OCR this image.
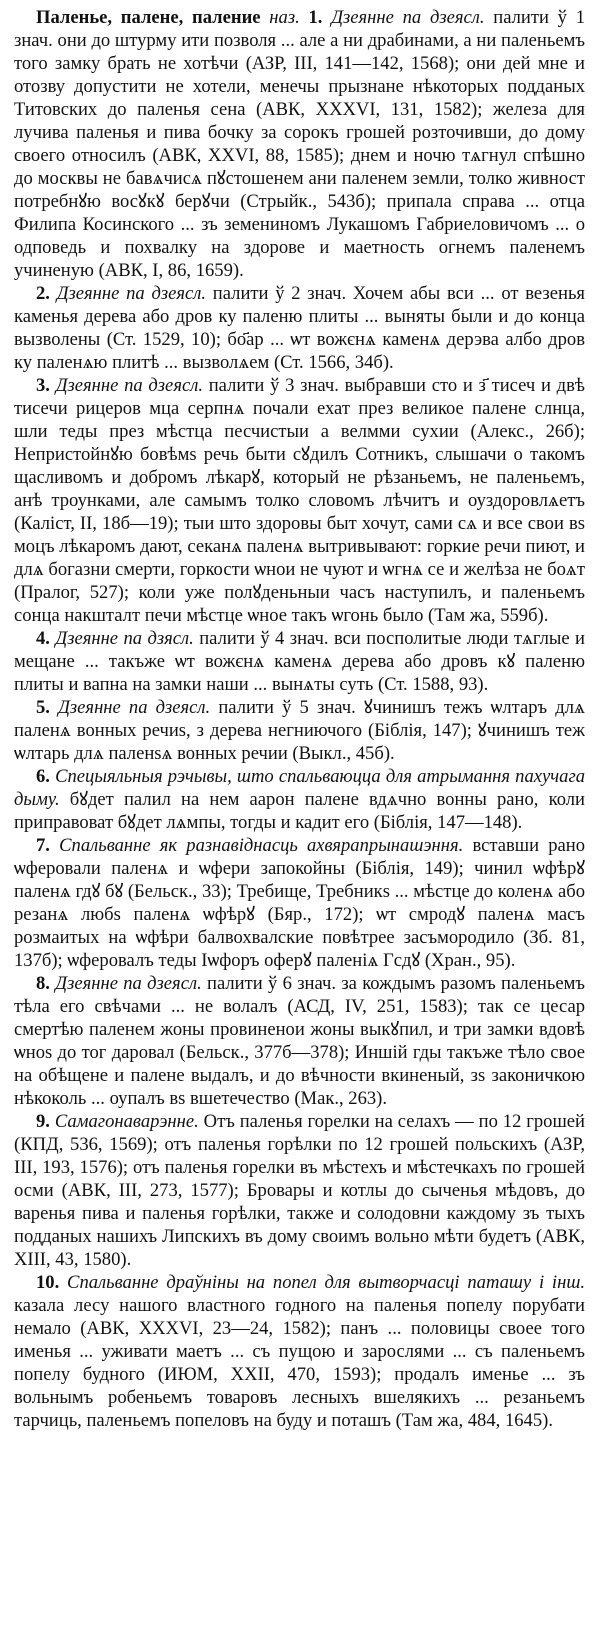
Паленье, палене, палениe наз. 1. Дзеянне па дзеясл. палити ў 1 знач. они до штурму ити позволя ... але а ни драбинами, а ни паленьемъ того замку брать не хотѣчи (АЗР, III, 141—142, 1568); они дей мне и отозву допустити не хотели, менечы прызнане нѣкоторых подданых Титовских до паленья сена (АВК, XXXVI, 131, 1582); железа для лучива паленья и пива бочку за сорокъ грошей розточивши, до дому своего относилъ (АВК, XXVI, 88, 1585); днем и ночю тѧгнул спѣшно до москвы не бавѧчисѧ пꙋстошенем ани паленем земли, толко живност потребнꙋю восꙋкꙋ берꙋчи (Стрыйк., 543б); припала справа ... отца Филипа Косинского ... зъ земениномъ Лукашомъ Габриеловичомъ ... о одповедь и похвалку на здорове и маетность огнемъ паленемъ учиненую (АВК, I, 86, 1659).

2. Дзеянне па дзеясл. палити ў 2 знач. Хочем абы вси ... от везенья каменья дерева або дров ку паленю плиты ... выняты были и до конца вызволены (Ст. 1529, 10); бо҃ар ... ѡт вожєнѧ каменѧ дерэва албо дров ку паленѧю плитѣ ... вызволѧем (Ст. 1566, 34б).

3. Дзеянне па дзеясл. палити ў 3 знач. выбравши сто и з҃ тисеч и двѣ тисечи рицеров мца серпнѧ почали ехат през великое палене слнца, шли теды през мѣстца песчистыи а велмми сухии (Алекс., 26б); Непристойнꙋю бовѣмѕ речь быти сꙋдилъ Сотникъ, слышачи о такомъ щасливомъ и добромъ лѣкарꙋ, который не рѣзаньемъ, не паленьемъ, анѣ троунками, але самымъ толко словомъ лѣчитъ и оуздоровлѧетъ (Каліст, II, 18б—19); тыи што здоровы быт хочут, сами сѧ и все свои вѕ моцъ лѣкаромъ дают, секанѧ паленѧ вытривывают: горкие речи пиют, и длѧ богазни смерти, горкости ѡнои не чуют и ѡгнѧ се и желѣза не боѧт (Пралог, 527); коли уже полꙋденьныи часъ наступилъ, и паленьемъ сонца накшталт печи мѣстце ѡное такъ ѡгонь было (Там жа, 559б).

4. Дзеянне па дзясл. палити ў 4 знач. вси посполитые люди тѧглые и мещане ... такъже ѡт вожєнѧ каменѧ дерева або дровъ кꙋ паленю плиты и вапна на замки наши ... вынѧты суть (Ст. 1588, 93).

5. Дзеянне па дзеясл. палити ў 5 знач. ꙋчинишъ тежъ ѡлтаръ длѧ паленѧ вонных речиѕ, з дерева негниючого (Біблія, 147); ꙋчинишъ теж ѡлтарь длѧ паленѕѧ вонных речии (Выкл., 45б).

6. Спецыяльныя рэчывы, што спальваюцца для атрымання пахучага дыму. бꙋдет палил на нем аарон палене вдѧчно вонны рано, коли приправоват бꙋдет лѧмпы, тогды и кадит его (Біблія, 147—148).

7. Спальванне як разнавіднасць ахвярапрынашэння. вставши рано ѡферовали паленѧ и ѡфери запокойны (Біблія, 149); чинил ѡфѣрꙋ паленѧ гдꙋ бꙋ (Бельск., 33); Требище, Требникѕ ... мѣстце до коленѧ або резанѧ любѕ паленѧ ѡфѣрꙋ (Бяр., 172); ѡт смродꙋ паленѧ масъ розмаитых на ѡфѣри балвохвалские повѣтрее засъмородило (Зб. 81, 137б); ѡферовалъ теды Іѡфоръ оферꙋ паленіѧ Гсдꙋ (Хран., 95).

8. Дзеянне па дзеясл. палити ў 6 знач. за кождымъ разомъ паленьемъ тѣла его свѣчами ... не волалъ (АСД, IV, 251, 1583); так се цесар смертѣю паленем жоны провиненои жоны выкꙋпил, и три замки вдовѣ ѡноѕ до тог даровал (Бельск., 377б—378); Иншій гды такъже тѣло свое на обѣщене и палене выдалъ, и до вѣчности вкиненый, зѕ законичкою нѣкоколь ... оупалъ вѕ вшетечество (Мак., 263).

9. Самагонаварэнне. Отъ паленья горелки на селахъ — по 12 грошей (КПД, 536, 1569); отъ паленья горѣлки по 12 грошей польскихъ (АЗР, III, 193, 1576); отъ паленья горелки въ мѣстехъ и мѣстечкахъ по грошей осми (АВК, III, 273, 1577); Бровары и котлы до сыченья мѣдовъ, до варенья пива и паленья горѣлки, также и солодовни каждому зъ тыхъ подданых нашихъ Липскихъ въ дому своимъ вольно мѣти будетъ (АВК, XIII, 43, 1580).

10. Спальванне драўніны на попел для вытворчасці паташу і інш. казала лесу нашого властного годного на паленья попелу порубати немало (АВК, XXXVI, 23—24, 1582); панъ ... половицы своее того именья ... уживати маетъ ... съ пущою и зарослями ... съ паленьемъ попелу будного (ИЮМ, XXII, 470, 1593); продалъ именье ... зъ вольнымъ робеньемъ товаровъ лесныхъ вшелякихъ ... резаньемъ тарчиць, паленьемъ попеловъ на буду и поташъ (Там жа, 484, 1645).
